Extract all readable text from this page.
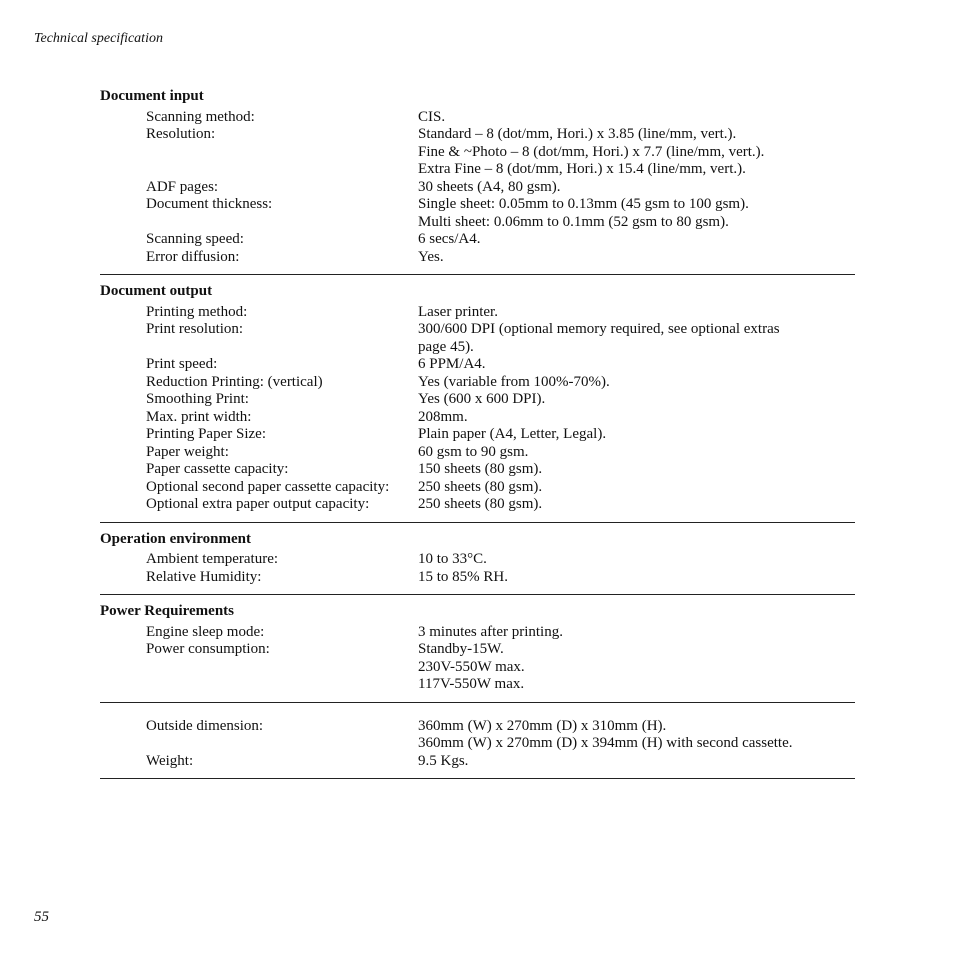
Technical specification
Document input
Scanning method:	CIS.
Resolution:	Standard – 8 (dot/mm, Hori.) x 3.85 (line/mm, vert.).
Fine & ~Photo – 8 (dot/mm, Hori.) x 7.7 (line/mm, vert.).
Extra Fine – 8 (dot/mm, Hori.) x 15.4 (line/mm, vert.).
ADF pages:	30 sheets (A4, 80 gsm).
Document thickness:	Single sheet: 0.05mm to 0.13mm (45 gsm to 100 gsm).
Multi sheet: 0.06mm to 0.1mm (52 gsm to 80 gsm).
Scanning speed:	6 secs/A4.
Error diffusion:	Yes.
Document output
Printing method:	Laser printer.
Print resolution:	300/600 DPI (optional memory required, see optional extras
page 45).
Print speed:	6 PPM/A4.
Reduction Printing: (vertical)	Yes (variable from 100%-70%).
Smoothing Print:	Yes (600 x 600 DPI).
Max. print width:	208mm.
Printing Paper Size:	Plain paper (A4, Letter, Legal).
Paper weight:	60 gsm to 90 gsm.
Paper cassette capacity:	150 sheets (80 gsm).
Optional second paper cassette capacity:	250 sheets (80 gsm).
Optional extra paper output capacity:	250 sheets (80 gsm).
Operation environment
Ambient temperature:	10 to 33°C.
Relative Humidity:	15 to 85% RH.
Power Requirements
Engine sleep mode:	3 minutes after printing.
Power consumption:	Standby-15W.
230V-550W max.
117V-550W max.
Outside dimension:	360mm (W) x 270mm (D) x 310mm (H).
360mm (W) x 270mm (D) x 394mm (H) with second cassette.
Weight:	9.5 Kgs.
55
